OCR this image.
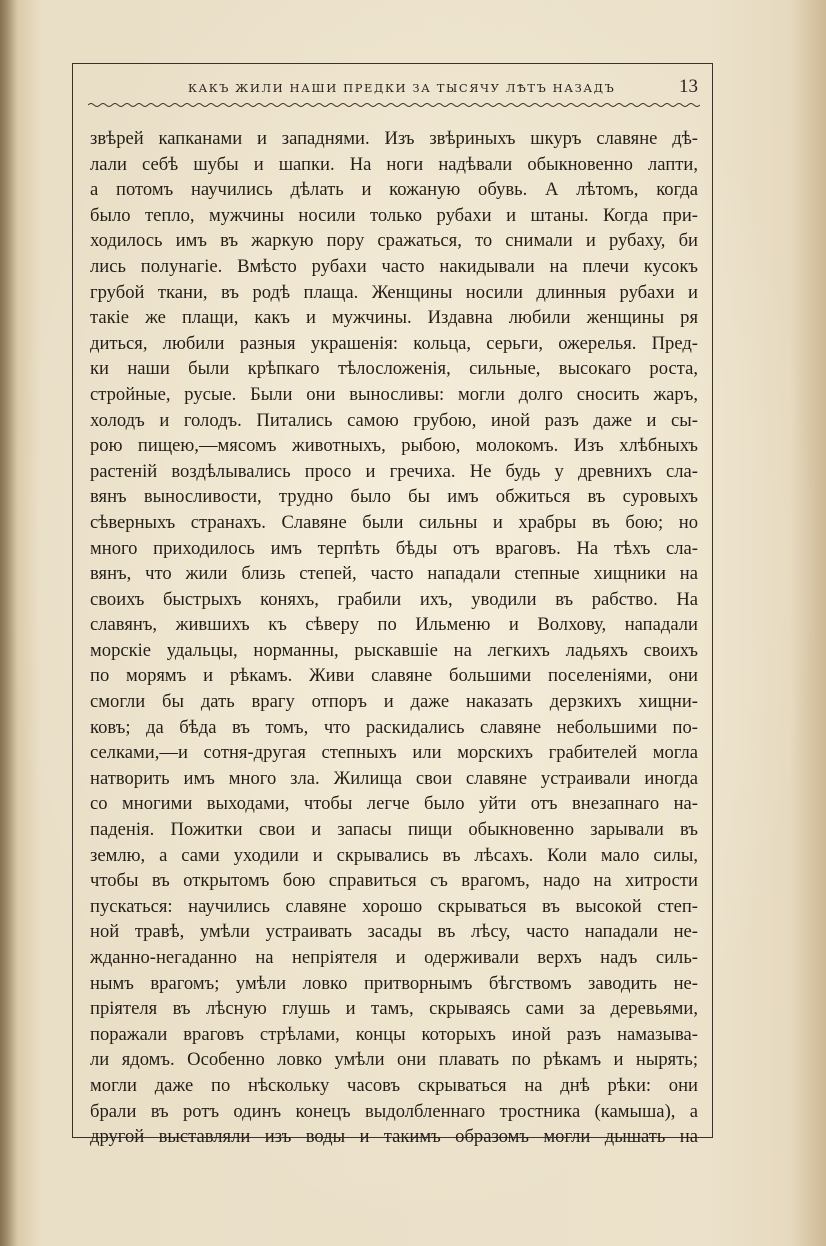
КАКЪ ЖИЛИ НАШИ ПРЕДКИ ЗА ТЫСЯЧУ ЛѢТЪ НАЗАДЪ	13
звѣрей капканами и западнями. Изъ звѣриныхъ шкуръ славяне дѣ-
лали себѣ шубы и шапки. На ноги надѣвали обыкновенно лапти,
а потомъ научились дѣлать и кожаную обувь. А лѣтомъ, когда
было тепло, мужчины носили только рубахи и штаны. Когда при-
ходилось имъ въ жаркую пору сражаться, то снимали и рубаху, би
лись полунагіе. Вмѣсто рубахи часто накидывали на плечи кусокъ
грубой ткани, въ родѣ плаща. Женщины носили длинныя рубахи и
такіе же плащи, какъ и мужчины. Издавна любили женщины ря
диться, любили разныя украшенія: кольца, серьги, ожерелья. Пред-
ки наши были крѣпкаго тѣлосложенія, сильные, высокаго роста,
стройные, русые. Были они выносливы: могли долго сносить жаръ,
холодъ и голодъ. Питались самою грубою, иной разъ даже и сы-
рою пищею,—мясомъ животныхъ, рыбою, молокомъ. Изъ хлѣбныхъ
растеній воздѣлывались просо и гречиха. Не будь у древнихъ сла-
вянъ выносливости, трудно было бы имъ обжиться въ суровыхъ
сѣверныхъ странахъ. Славяне были сильны и храбры въ бою; но
много приходилось имъ терпѣть бѣды отъ враговъ. На тѣхъ сла-
вянъ, что жили близь степей, часто нападали степные хищники на
своихъ быстрыхъ коняхъ, грабили ихъ, уводили въ рабство. На
славянъ, жившихъ къ сѣверу по Ильменю и Волхову, нападали
морскіе удальцы, норманны, рыскавшіе на легкихъ ладьяхъ своихъ
по морямъ и рѣкамъ. Живи славяне большими поселеніями, они
смогли бы дать врагу отпоръ и даже наказать дерзкихъ хищни-
ковъ; да бѣда въ томъ, что раскидались славяне небольшими по-
селками,—и сотня-другая степныхъ или морскихъ грабителей могла
натворить имъ много зла. Жилища свои славяне устраивали иногда
со многими выходами, чтобы легче было уйти отъ внезапнаго на-
паденія. Пожитки свои и запасы пищи обыкновенно зарывали въ
землю, а сами уходили и скрывались въ лѣсахъ. Коли мало силы,
чтобы въ открытомъ бою справиться съ врагомъ, надо на хитрости
пускаться: научились славяне хорошо скрываться въ высокой степ-
ной травѣ, умѣли устраивать засады въ лѣсу, часто нападали не-
жданно-негаданно на непріятеля и одерживали верхъ надъ силь-
нымъ врагомъ; умѣли ловко притворнымъ бѣгствомъ заводить не-
пріятеля въ лѣсную глушь и тамъ, скрываясь сами за деревьями,
поражали враговъ стрѣлами, концы которыхъ иной разъ намазыва-
ли ядомъ. Особенно ловко умѣли они плавать по рѣкамъ и нырять;
могли даже по нѣскольку часовъ скрываться на днѣ рѣки: они
брали въ ротъ одинъ конецъ выдолбленнаго тростника (камыша), а
другой выставляли изъ воды и такимъ образомъ могли дышать на
